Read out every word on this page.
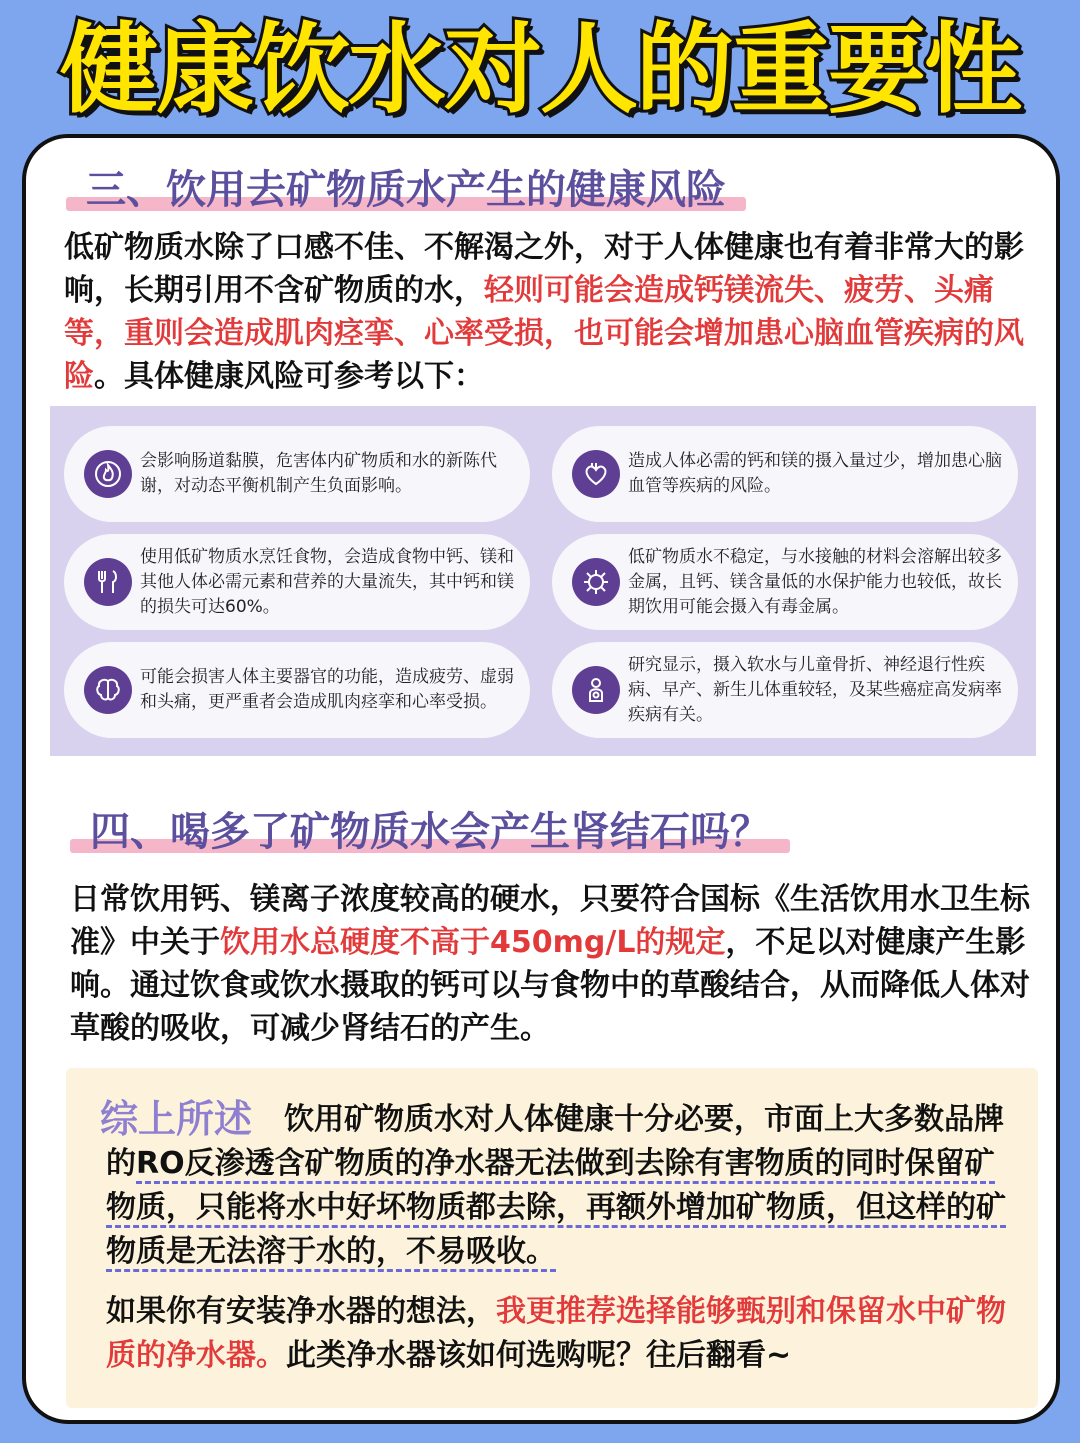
健康饮水对人的重要性
三、饮用去矿物质水产生的健康风险
低矿物质水除了口感不佳、不解渴之外，对于人体健康也有着非常大的影响，长期引用不含矿物质的水，轻则可能会造成钙镁流失、疲劳、头痛等，重则会造成肌肉痉挛、心率受损，也可能会增加患心脑血管疾病的风险。具体健康风险可参考以下：
会影响肠道黏膜，危害体内矿物质和水的新陈代谢，对动态平衡机制产生负面影响。
造成人体必需的钙和镁的摄入量过少，增加患心脑血管等疾病的风险。
使用低矿物质水烹饪食物，会造成食物中钙、镁和其他人体必需元素和营养的大量流失，其中钙和镁的损失可达60%。
低矿物质水不稳定，与水接触的材料会溶解出较多金属，且钙、镁含量低的水保护能力也较低，故长期饮用可能会摄入有毒金属。
可能会损害人体主要器官的功能，造成疲劳、虚弱和头痛，更严重者会造成肌肉痉挛和心率受损。
研究显示，摄入软水与儿童骨折、神经退行性疾病、早产、新生儿体重较轻，及某些癌症高发病率疾病有关。
四、喝多了矿物质水会产生肾结石吗？
日常饮用钙、镁离子浓度较高的硬水，只要符合国标《生活饮用水卫生标准》中关于饮用水总硬度不高于450mg/L的规定，不足以对健康产生影响。通过饮食或饮水摄取的钙可以与食物中的草酸结合，从而降低人体对草酸的吸收，可减少肾结石的产生。
综上所述	饮用矿物质水对人体健康十分必要，市面上大多数品牌的RO反渗透含矿物质的净水器无法做到去除有害物质的同时保留矿物质，只能将水中好坏物质都去除，再额外增加矿物质，但这样的矿物质是无法溶于水的，不易吸收。
如果你有安装净水器的想法，我更推荐选择能够甄别和保留水中矿物质的净水器。此类净水器该如何选购呢？往后翻看~
